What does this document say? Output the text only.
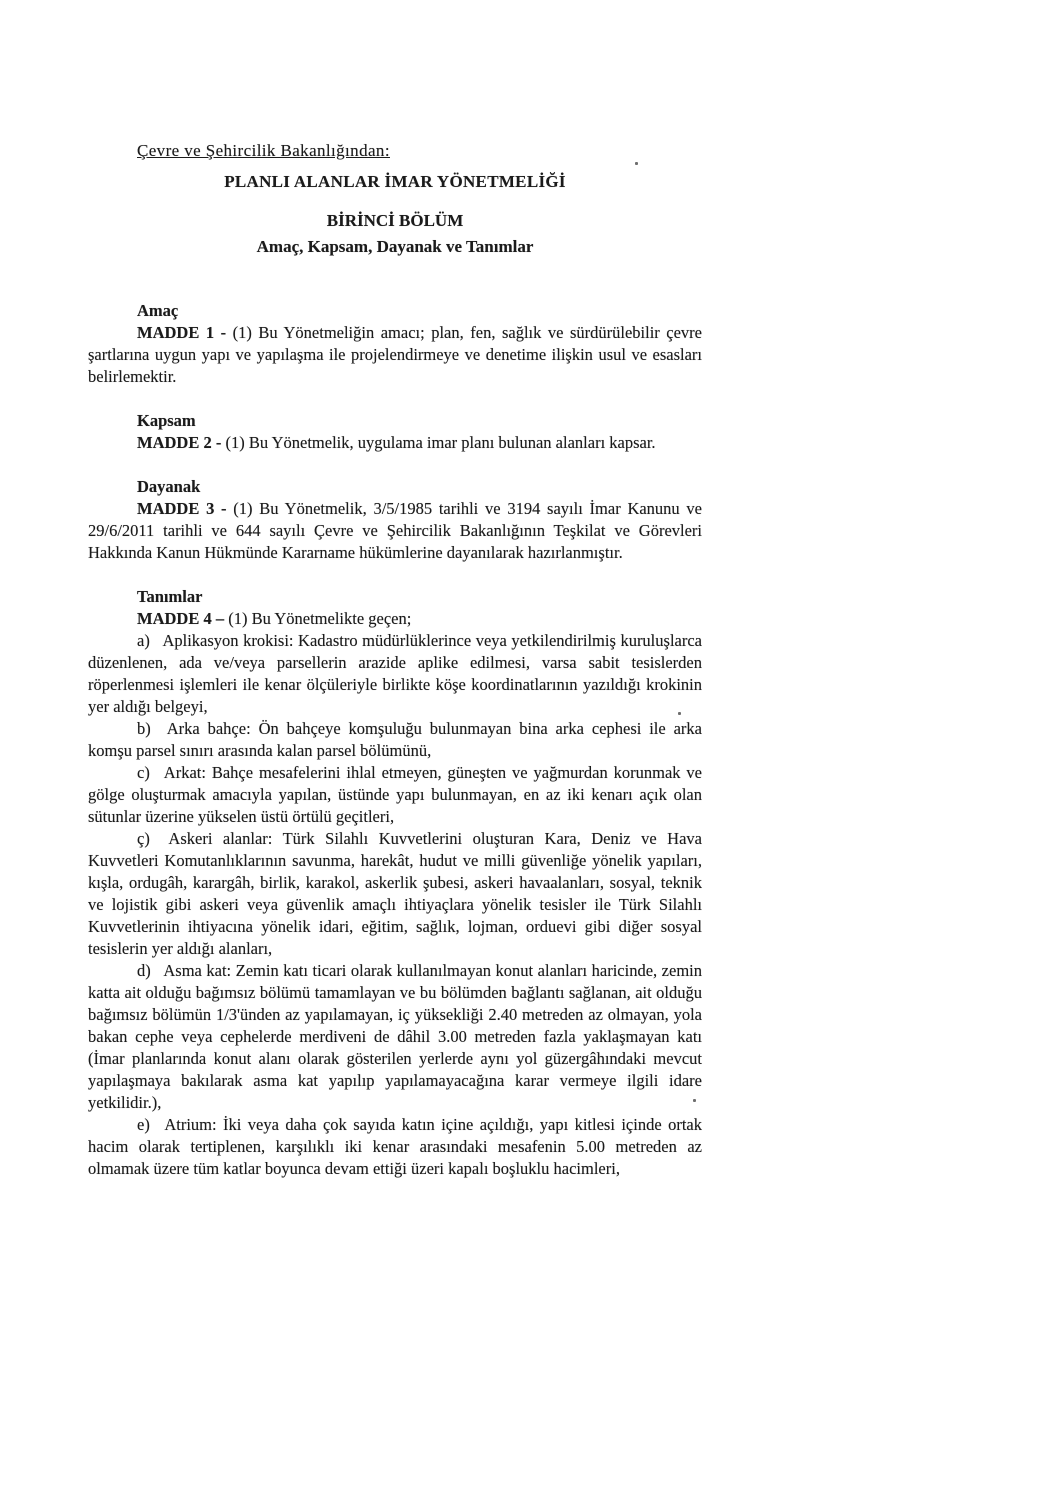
Çevre ve Şehircilik Bakanlığından:

PLANLI ALANLAR İMAR YÖNETMELİĞİ

BİRİNCİ BÖLÜM

Amaç, Kapsam, Dayanak ve Tanımlar

Amaç

MADDE 1 - (1) Bu Yönetmeliğin amacı; plan, fen, sağlık ve sürdürülebilir çevre şartlarına uygun yapı ve yapılaşma ile projelendirmeye ve denetime ilişkin usul ve esasları belirlemektir.

Kapsam

MADDE 2 - (1) Bu Yönetmelik, uygulama imar planı bulunan alanları kapsar.

Dayanak

MADDE 3 - (1) Bu Yönetmelik, 3/5/1985 tarihli ve 3194 sayılı İmar Kanunu ve 29/6/2011 tarihli ve 644 sayılı Çevre ve Şehircilik Bakanlığının Teşkilat ve Görevleri Hakkında Kanun Hükmünde Kararname hükümlerine dayanılarak hazırlanmıştır.

Tanımlar

MADDE 4 – (1) Bu Yönetmelikte geçen;

a) Aplikasyon krokisi: Kadastro müdürlüklerince veya yetkilendirilmiş kuruluşlarca düzenlenen, ada ve/veya parsellerin arazide aplike edilmesi, varsa sabit tesislerden röperlenmesi işlemleri ile kenar ölçüleriyle birlikte köşe koordinatlarının yazıldığı krokinin yer aldığı belgeyi,

b) Arka bahçe: Ön bahçeye komşuluğu bulunmayan bina arka cephesi ile arka komşu parsel sınırı arasında kalan parsel bölümünü,

c) Arkat: Bahçe mesafelerini ihlal etmeyen, güneşten ve yağmurdan korunmak ve gölge oluşturmak amacıyla yapılan, üstünde yapı bulunmayan, en az iki kenarı açık olan sütunlar üzerine yükselen üstü örtülü geçitleri,

ç) Askeri alanlar: Türk Silahlı Kuvvetlerini oluşturan Kara, Deniz ve Hava Kuvvetleri Komutanlıklarının savunma, harekât, hudut ve milli güvenliğe yönelik yapıları, kışla, ordugâh, karargâh, birlik, karakol, askerlik şubesi, askeri havaalanları, sosyal, teknik ve lojistik gibi askeri veya güvenlik amaçlı ihtiyaçlara yönelik tesisler ile Türk Silahlı Kuvvetlerinin ihtiyacına yönelik idari, eğitim, sağlık, lojman, orduevi gibi diğer sosyal tesislerin yer aldığı alanları,

d) Asma kat: Zemin katı ticari olarak kullanılmayan konut alanları haricinde, zemin katta ait olduğu bağımsız bölümü tamamlayan ve bu bölümden bağlantı sağlanan, ait olduğu bağımsız bölümün 1/3'ünden az yapılamayan, iç yüksekliği 2.40 metreden az olmayan, yola bakan cephe veya cephelerde merdiveni de dâhil 3.00 metreden fazla yaklaşmayan katı (İmar planlarında konut alanı olarak gösterilen yerlerde aynı yol güzergâhındaki mevcut yapılaşmaya bakılarak asma kat yapılıp yapılamayacağına karar vermeye ilgili idare yetkilidir.),

e) Atrium: İki veya daha çok sayıda katın içine açıldığı, yapı kitlesi içinde ortak hacim olarak tertiplenen, karşılıklı iki kenar arasındaki mesafenin 5.00 metreden az olmamak üzere tüm katlar boyunca devam ettiği üzeri kapalı boşluklu hacimleri,
